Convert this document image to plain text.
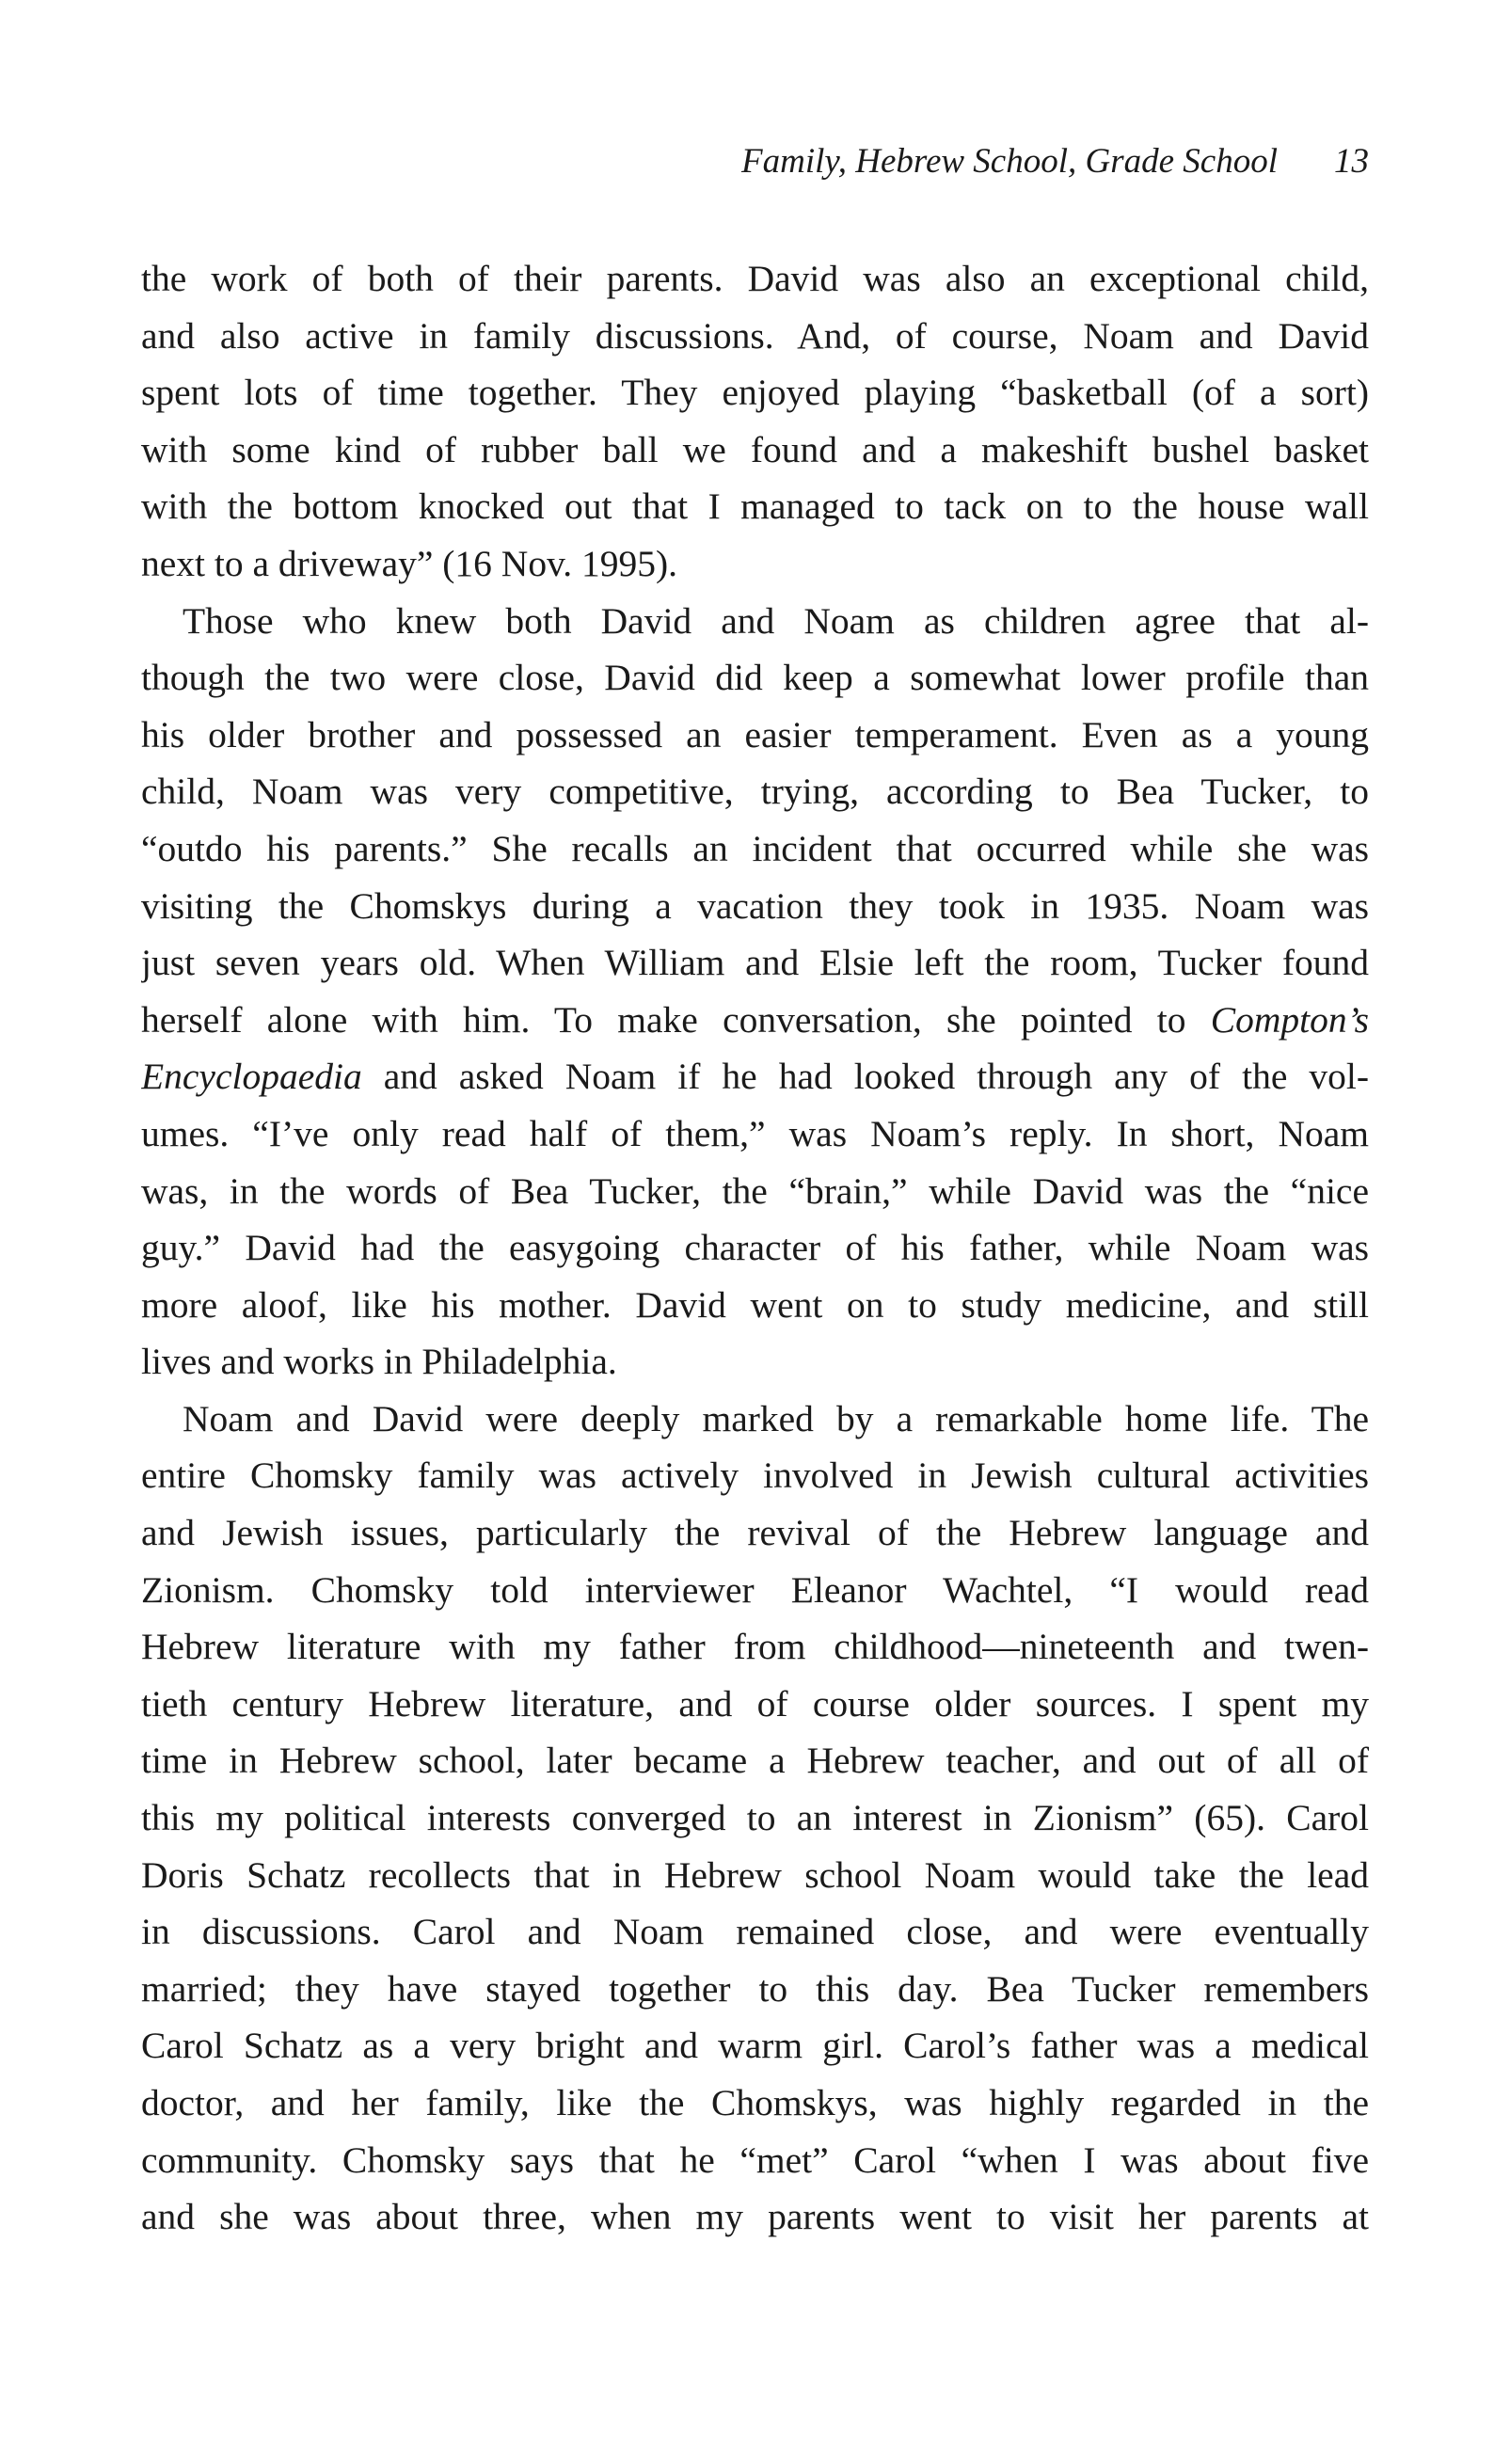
Family, Hebrew School, Grade School 13
the work of both of their parents. David was also an exceptional child,
and also active in family discussions. And, of course, Noam and David
spent lots of time together. They enjoyed playing “basketball (of a sort)
with some kind of rubber ball we found and a makeshift bushel basket
with the bottom knocked out that I managed to tack on to the house wall
next to a driveway” (16 Nov. 1995).
Those who knew both David and Noam as children agree that al-
though the two were close, David did keep a somewhat lower profile than
his older brother and possessed an easier temperament. Even as a young
child, Noam was very competitive, trying, according to Bea Tucker, to
“outdo his parents.” She recalls an incident that occurred while she was
visiting the Chomskys during a vacation they took in 1935. Noam was
just seven years old. When William and Elsie left the room, Tucker found
herself alone with him. To make conversation, she pointed to Compton’s
Encyclopaedia and asked Noam if he had looked through any of the vol-
umes. “I’ve only read half of them,” was Noam’s reply. In short, Noam
was, in the words of Bea Tucker, the “brain,” while David was the “nice
guy.” David had the easygoing character of his father, while Noam was
more aloof, like his mother. David went on to study medicine, and still
lives and works in Philadelphia.
Noam and David were deeply marked by a remarkable home life. The
entire Chomsky family was actively involved in Jewish cultural activities
and Jewish issues, particularly the revival of the Hebrew language and
Zionism. Chomsky told interviewer Eleanor Wachtel, “I would read
Hebrew literature with my father from childhood—nineteenth and twen-
tieth century Hebrew literature, and of course older sources. I spent my
time in Hebrew school, later became a Hebrew teacher, and out of all of
this my political interests converged to an interest in Zionism” (65). Carol
Doris Schatz recollects that in Hebrew school Noam would take the lead
in discussions. Carol and Noam remained close, and were eventually
married; they have stayed together to this day. Bea Tucker remembers
Carol Schatz as a very bright and warm girl. Carol’s father was a medical
doctor, and her family, like the Chomskys, was highly regarded in the
community. Chomsky says that he “met” Carol “when I was about five
and she was about three, when my parents went to visit her parents at
